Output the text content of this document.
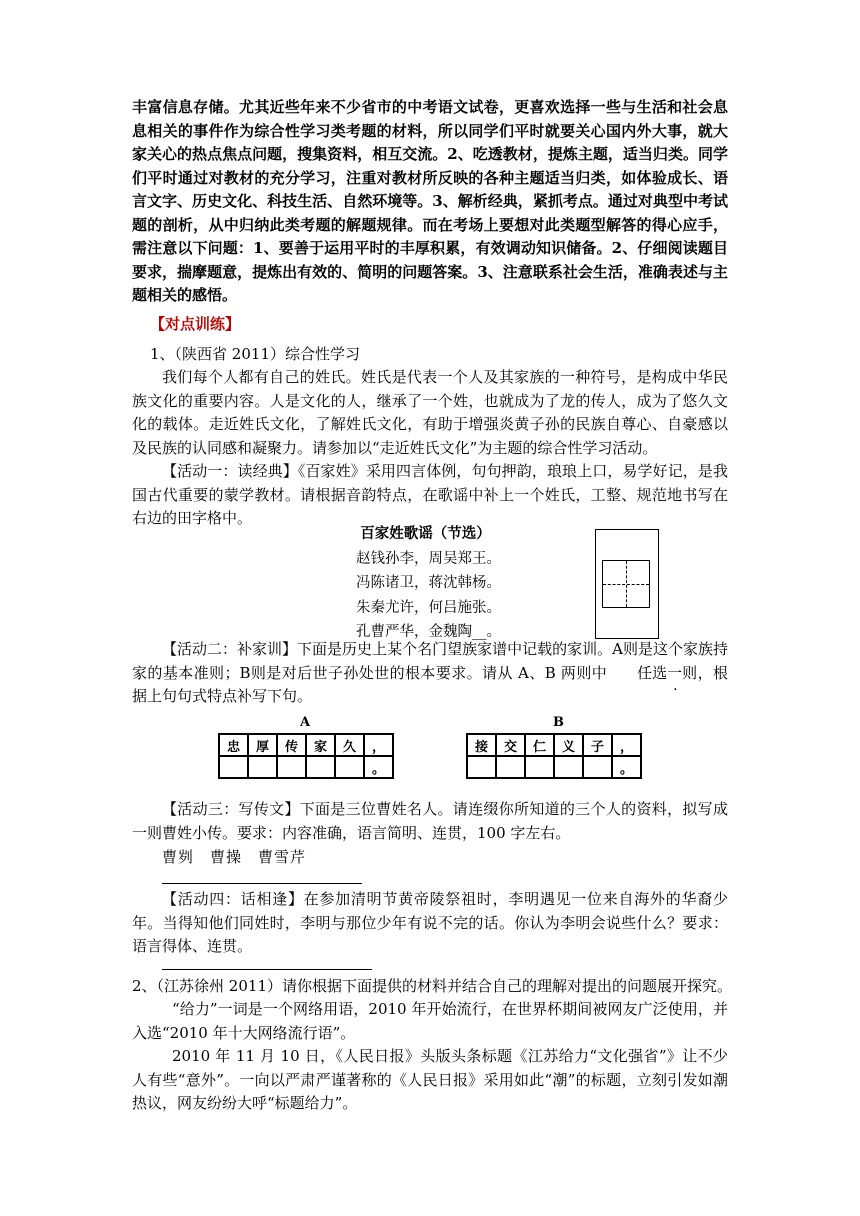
丰富信息存储。尤其近些年来不少省市的中考语文试卷，更喜欢选择一些与生活和社会息息相关的事件作为综合性学习类考题的材料，所以同学们平时就要关心国内外大事，就大家关心的热点焦点问题，搜集资料，相互交流。2、吃透教材，提炼主题，适当归类。同学们平时通过对教材的充分学习，注重对教材所反映的各种主题适当归类，如体验成长、语言文字、历史文化、科技生活、自然环境等。3、解析经典，紧抓考点。通过对典型中考试题的剖析，从中归纳此类考题的解题规律。而在考场上要想对此类题型解答的得心应手，需注意以下问题：1、要善于运用平时的丰厚积累，有效调动知识储备。2、仔细阅读题目要求，揣摩题意，提炼出有效的、简明的问题答案。3、注意联系社会生活，准确表述与主题相关的感悟。
【对点训练】
1、（陕西省 2011）综合性学习
我们每个人都有自己的姓氏。姓氏是代表一个人及其家族的一种符号，是构成中华民族文化的重要内容。人是文化的人，继承了一个姓，也就成为了龙的传人，成为了悠久文化的载体。走近姓氏文化，了解姓氏文化，有助于增强炎黄子孙的民族自尊心、自豪感以及民族的认同感和凝聚力。请参加以“走近姓氏文化”为主题的综合性学习活动。
【活动一：读经典】《百家姓》采用四言体例，句句押韵，琅琅上口，易学好记，是我国古代重要的蒙学教材。请根据音韵特点，在歌谣中补上一个姓氏，工整、规范地书写在右边的田字格中。
百家姓歌谣（节选）
赵钱孙李，周吴郑王。
冯陈诸卫，蒋沈韩杨。
朱秦尤许，何吕施张。
孔曹严华，金魏陶__。
【活动二：补家训】下面是历史上某个名门望族家谱中记载的家训。A则是这个家族持家的基本准则；B则是对后世子孙处世的根本要求。请从 A、B 两则中 任选一则，根据上句句式特点补写下句。
A
忠	厚	传	家	久	，
					。
B
接	交	仁	义	子	，
					。
【活动三：写传文】下面是三位曹姓名人。请连缀你所知道的三个人的资料，拟写成一则曹姓小传。要求：内容准确，语言简明、连贯，100 字左右。
曹刿　曹操　曹雪芹
【活动四：话相逢】在参加清明节黄帝陵祭祖时，李明遇见一位来自海外的华裔少年。当得知他们同姓时，李明与那位少年有说不完的话。你认为李明会说些什么？要求：语言得体、连贯。
2、（江苏徐州 2011）请你根据下面提供的材料并结合自己的理解对提出的问题展开探究。
“给力”一词是一个网络用语，2010 年开始流行，在世界杯期间被网友广泛使用，并入选“2010 年十大网络流行语”。
2010 年 11 月 10 日，《人民日报》头版头条标题《江苏给力“文化强省”》让不少人有些“意外”。一向以严肃严谨著称的《人民日报》采用如此“潮”的标题，立刻引发如潮热议，网友纷纷大呼“标题给力”。
